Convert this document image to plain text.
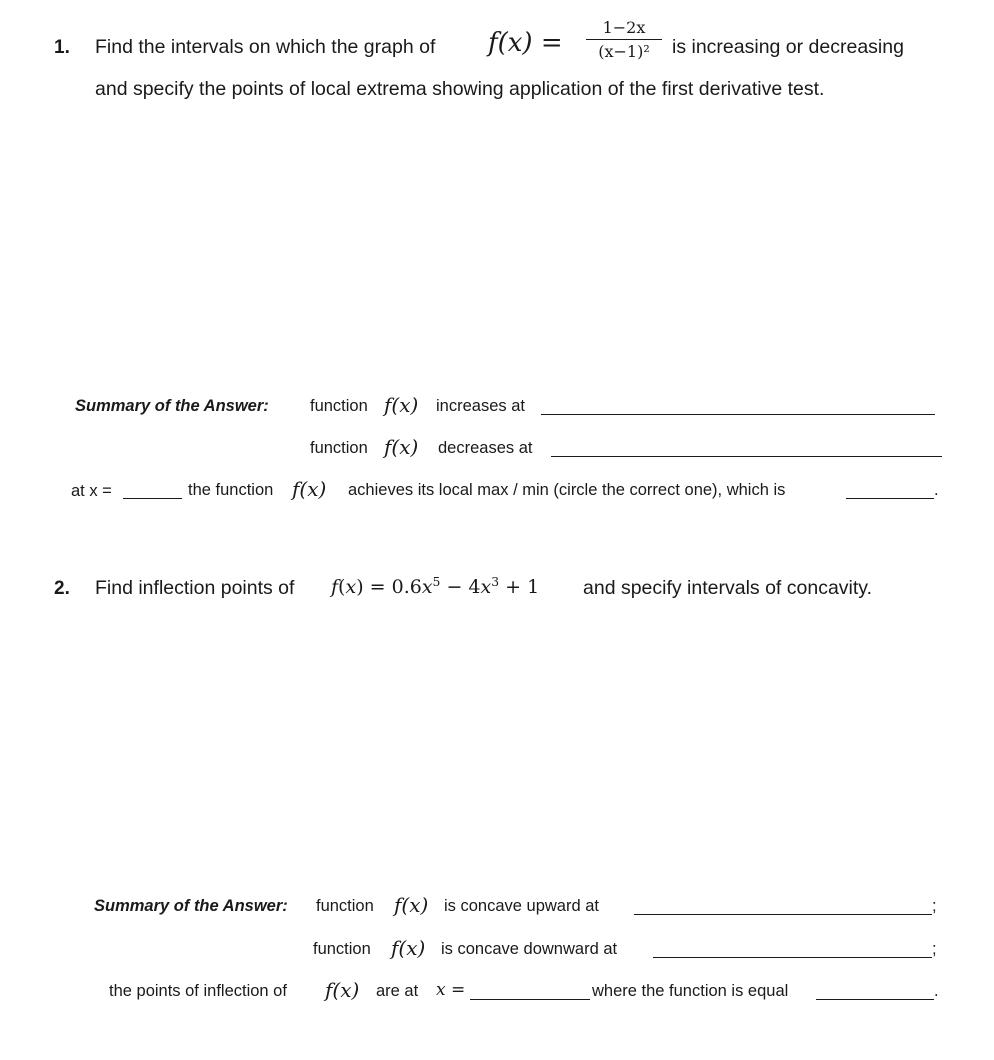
1. Find the intervals on which the graph of $f(x) = \frac{1-2x}{\text{(x−1)²}}$ is increasing or decreasing
and specify the points of local extrema showing application of the first derivative test.
Summary of the Answer: function f(x) increases at
function f(x) decreases at
at x =	the function f(x) achieves its local max / min (circle the correct one), which is	.
2. Find inflection points of $f(x) = 0.6x^5 - 4x^3 + 1$ and specify intervals of concavity.
Summary of the Answer: function f(x) is concave upward at	;
function f(x) is concave downward at	;
the points of inflection of f(x) are at x =	where the function is equal	.
